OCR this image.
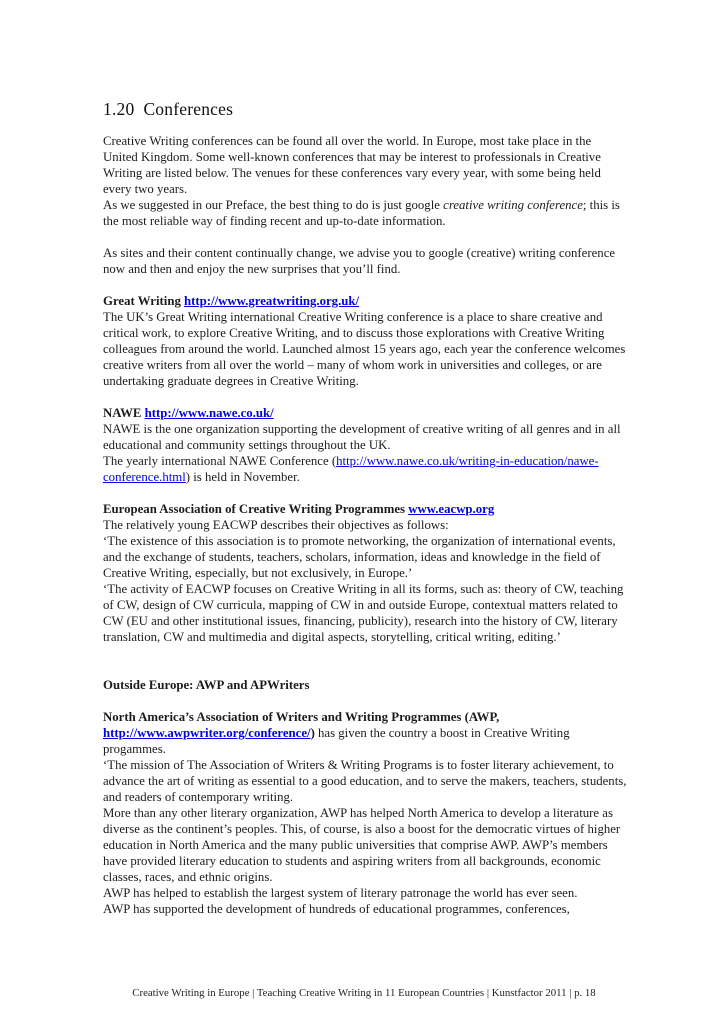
1.20 Conferences

Creative Writing conferences can be found all over the world. In Europe, most take place in the United Kingdom. Some well-known conferences that may be interest to professionals in Creative Writing are listed below. The venues for these conferences vary every year, with some being held every two years.

As we suggested in our Preface, the best thing to do is just google creative writing conference; this is the most reliable way of finding recent and up-to-date information.

As sites and their content continually change, we advise you to google (creative) writing conference now and then and enjoy the new surprises that you’ll find.

Great Writing http://www.greatwriting.org.uk/

The UK’s Great Writing international Creative Writing conference is a place to share creative and critical work, to explore Creative Writing, and to discuss those explorations with Creative Writing colleagues from around the world. Launched almost 15 years ago, each year the conference welcomes creative writers from all over the world – many of whom work in universities and colleges, or are undertaking graduate degrees in Creative Writing.

NAWE http://www.nawe.co.uk/

NAWE is the one organization supporting the development of creative writing of all genres and in all educational and community settings throughout the UK.

The yearly international NAWE Conference (http://www.nawe.co.uk/writing-in-education/nawe-conference.html) is held in November.

European Association of Creative Writing Programmes www.eacwp.org

The relatively young EACWP describes their objectives as follows:

‘The existence of this association is to promote networking, the organization of international events, and the exchange of students, teachers, scholars, information, ideas and knowledge in the field of Creative Writing, especially, but not exclusively, in Europe.’

‘The activity of EACWP focuses on Creative Writing in all its forms, such as: theory of CW, teaching of CW, design of CW curricula, mapping of CW in and outside Europe, contextual matters related to CW (EU and other institutional issues, financing, publicity), research into the history of CW, literary translation, CW and multimedia and digital aspects, storytelling, critical writing, editing.’

Outside Europe: AWP and APWriters

North America’s Association of Writers and Writing Programmes (AWP, http://www.awpwriter.org/conference/) has given the country a boost in Creative Writing progammes.

‘The mission of The Association of Writers & Writing Programs is to foster literary achievement, to advance the art of writing as essential to a good education, and to serve the makers, teachers, students, and readers of contemporary writing.

More than any other literary organization, AWP has helped North America to develop a literature as diverse as the continent’s peoples. This, of course, is also a boost for the democratic virtues of higher education in North America and the many public universities that comprise AWP. AWP’s members have provided literary education to students and aspiring writers from all backgrounds, economic classes, races, and ethnic origins.

AWP has helped to establish the largest system of literary patronage the world has ever seen.

AWP has supported the development of hundreds of educational programmes, conferences,

Creative Writing in Europe | Teaching Creative Writing in 11 European Countries | Kunstfactor 2011 | p. 18
